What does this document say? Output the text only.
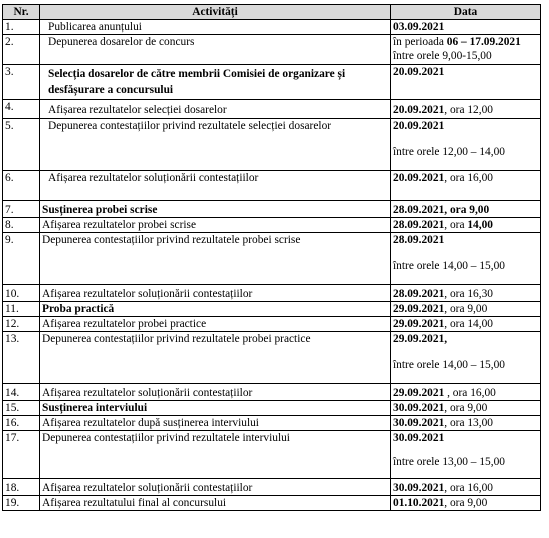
Nr.	Activități	Data
1.	Publicarea anunțului	03.09.2021
2.	Depunerea dosarelor de concurs	în perioada 06 – 17.09.2021
între orele 9,00-15,00

3.	Selecția dosarelor de către membrii Comisiei de organizare și desfășurare a concursului	20.09.2021
4.	Afișarea rezultatelor selecției dosarelor	20.09.2021, ora 12,00
5.	Depunerea contestațiilor privind rezultatele selecției dosarelor	20.09.2021
între orele 12,00 – 14,00

6.	Afișarea rezultatelor soluționării contestațiilor	20.09.2021, ora 16,00
7.	Susținerea probei scrise	28.09.2021, ora 9,00
8.	Afișarea rezultatelor probei scrise	28.09.2021, ora 14,00
9.	Depunerea contestațiilor privind rezultatele probei scrise	28.09.2021
între orele 14,00 – 15,00

10.	Afișarea rezultatelor soluționării contestațiilor	28.09.2021, ora 16,30
11.	Proba practică	29.09.2021, ora 9,00
12.	Afișarea rezultatelor probei practice	29.09.2021, ora 14,00
13.	Depunerea contestațiilor privind rezultatele probei practice	29.09.2021,
între orele 14,00 – 15,00

14.	Afișarea rezultatelor soluționării contestațiilor	29.09.2021 , ora 16,00
15.	Susținerea interviului	30.09.2021, ora 9,00
16.	Afișarea rezultatelor după susținerea interviului	30.09.2021, ora 13,00
17.	Depunerea contestațiilor privind rezultatele interviului	30.09.2021
între orele 13,00 – 15,00

18.	Afișarea rezultatelor soluționării contestațiilor	30.09.2021, ora 16,00
19.	Afișarea rezultatului final al concursului	01.10.2021, ora 9,00
